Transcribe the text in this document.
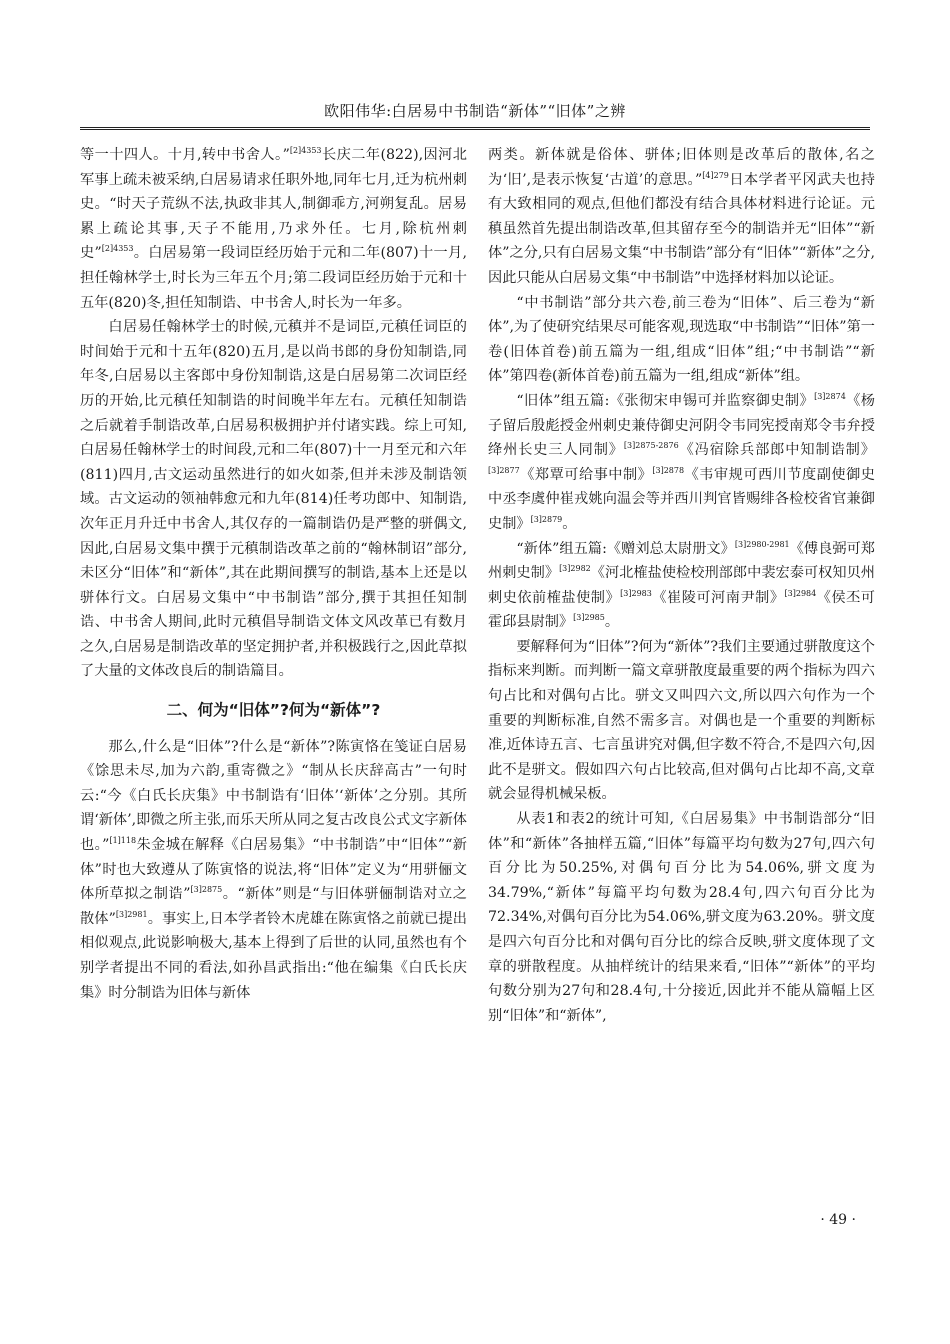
欧阳伟华:白居易中书制诰“新体”“旧体”之辨

等一十四人。十月,转中书舍人。”$^{[2]4353}$长庆二年(822),因河北军事上疏未被采纳,白居易请求任职外地,同年七月,迁为杭州刺史。“时天子荒纵不法,执政非其人,制御乖方,河朔复乱。居易累上疏论其事,天子不能用,乃求外任。七月,除杭州刺史”$^{[2]4353}$。白居易第一段词臣经历始于元和二年(807)十一月,担任翰林学士,时长为三年五个月;第二段词臣经历始于元和十五年(820)冬,担任知制诰、中书舍人,时长为一年多。

白居易任翰林学士的时候,元稹并不是词臣,元稹任词臣的时间始于元和十五年(820)五月,是以尚书郎的身份知制诰,同年冬,白居易以主客郎中身份知制诰,这是白居易第二次词臣经历的开始,比元稹任知制诰的时间晚半年左右。元稹任知制诰之后就着手制诰改革,白居易积极拥护并付诸实践。综上可知,白居易任翰林学士的时间段,元和二年(807)十一月至元和六年(811)四月,古文运动虽然进行的如火如荼,但并未涉及制诰领域。古文运动的领袖韩愈元和九年(814)任考功郎中、知制诰,次年正月升迁中书舍人,其仅存的一篇制诰仍是严整的骈偶文,因此,白居易文集中撰于元稹制诰改革之前的“翰林制诏”部分,未区分“旧体”和“新体”,其在此期间撰写的制诰,基本上还是以骈体行文。白居易文集中“中书制诰”部分,撰于其担任知制诰、中书舍人期间,此时元稹倡导制诰文体文风改革已有数月之久,白居易是制诰改革的坚定拥护者,并积极践行之,因此草拟了大量的文体改良后的制诰篇目。

二、何为“旧体”?何为“新体”?

那么,什么是“旧体”?什么是“新体”?陈寅恪在笺证白居易《馀思未尽,加为六韵,重寄微之》“制从长庆辞高古”一句时云:“今《白氏长庆集》中书制诰有‘旧体’‘新体’之分别。其所谓‘新体’,即微之所主张,而乐天所从同之复古改良公式文字新体也。”$^{[1]118}$朱金城在解释《白居易集》“中书制诰”中“旧体”“新体”时也大致遵从了陈寅恪的说法,将“旧体”定义为“用骈俪文体所草拟之制诰”$^{[3]2875}$。“新体”则是“与旧体骈俪制诰对立之散体”$^{[3]2981}$。事实上,日本学者铃木虎雄在陈寅恪之前就已提出相似观点,此说影响极大,基本上得到了后世的认同,虽然也有个别学者提出不同的看法,如孙昌武指出:“他在编集《白氏长庆集》时分制诰为旧体与新体

两类。新体就是俗体、骈体;旧体则是改革后的散体,名之为‘旧’,是表示恢复‘古道’的意思。”$^{[4]279}$日本学者平冈武夫也持有大致相同的观点,但他们都没有结合具体材料进行论证。元稹虽然首先提出制诰改革,但其留存至今的制诰并无“旧体”“新体”之分,只有白居易文集“中书制诰”部分有“旧体”“新体”之分,因此只能从白居易文集“中书制诰”中选择材料加以论证。

“中书制诰”部分共六卷,前三卷为“旧体”、后三卷为“新体”,为了使研究结果尽可能客观,现选取“中书制诰”“旧体”第一卷(旧体首卷)前五篇为一组,组成“旧体”组;“中书制诰”“新体”第四卷(新体首卷)前五篇为一组,组成“新体”组。

“旧体”组五篇:《张彻宋申锡可并监察御史制》$^{[3]2874}$《杨子留后殷彪授金州刺史兼侍御史河阴令韦同宪授南郑令韦弁授绛州长史三人同制》$^{[3]2875-2876}$《冯宿除兵部郎中知制诰制》$^{[3]2877}$《郑覃可给事中制》$^{[3]2878}$《韦审规可西川节度副使御史中丞李虞仲崔戎姚向温会等并西川判官皆赐绯各检校省官兼御史制》$^{[3]2879}$。

“新体”组五篇:《赠刘总太尉册文》$^{[3]2980-2981}$《傅良弼可郑州刺史制》$^{[3]2982}$《河北榷盐使检校刑部郎中裴宏泰可权知贝州刺史依前榷盐使制》$^{[3]2983}$《崔陵可河南尹制》$^{[3]2984}$《侯丕可霍邱县尉制》$^{[3]2985}$。

要解释何为“旧体”?何为“新体”?我们主要通过骈散度这个指标来判断。而判断一篇文章骈散度最重要的两个指标为四六句占比和对偶句占比。骈文又叫四六文,所以四六句作为一个重要的判断标准,自然不需多言。对偶也是一个重要的判断标准,近体诗五言、七言虽讲究对偶,但字数不符合,不是四六句,因此不是骈文。假如四六句占比较高,但对偶句占比却不高,文章就会显得机械呆板。

从表1和表2的统计可知,《白居易集》中书制诰部分“旧体”和“新体”各抽样五篇,“旧体”每篇平均句数为27句,四六句百分比为50.25%,对偶句百分比为54.06%,骈文度为34.79%,“新体”每篇平均句数为28.4句,四六句百分比为72.34%,对偶句百分比为54.06%,骈文度为63.20%。骈文度是四六句百分比和对偶句百分比的综合反映,骈文度体现了文章的骈散程度。从抽样统计的结果来看,“旧体”“新体”的平均句数分别为27句和28.4句,十分接近,因此并不能从篇幅上区别“旧体”和“新体”,

· 49 ·
